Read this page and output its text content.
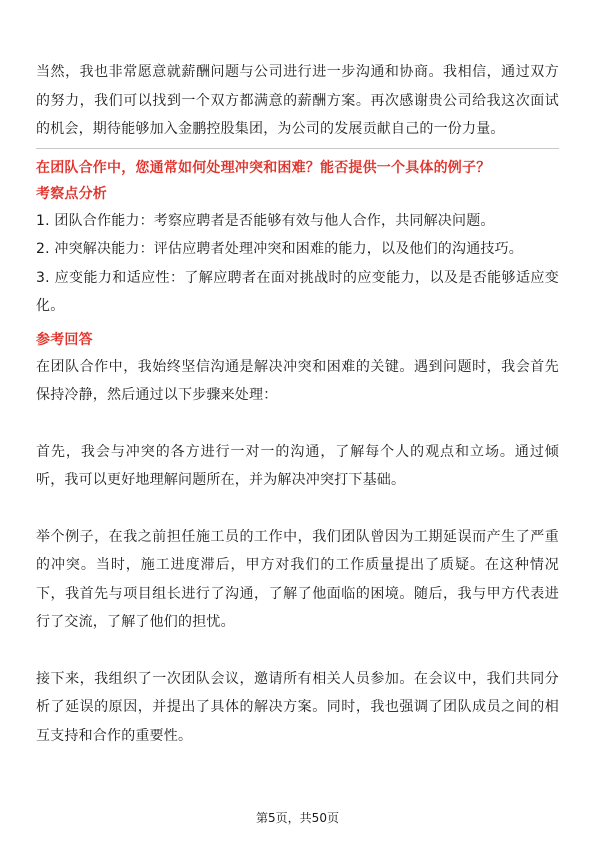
当然，我也非常愿意就薪酬问题与公司进行进一步沟通和协商。我相信，通过双方的努力，我们可以找到一个双方都满意的薪酬方案。再次感谢贵公司给我这次面试的机会，期待能够加入金鹏控股集团，为公司的发展贡献自己的一份力量。

在团队合作中，您通常如何处理冲突和困难？能否提供一个具体的例子？
考察点分析
1. 团队合作能力：考察应聘者是否能够有效与他人合作，共同解决问题。
2. 冲突解决能力：评估应聘者处理冲突和困难的能力，以及他们的沟通技巧。
3. 应变能力和适应性：了解应聘者在面对挑战时的应变能力，以及是否能够适应变化。
参考回答

在团队合作中，我始终坚信沟通是解决冲突和困难的关键。遇到问题时，我会首先保持冷静，然后通过以下步骤来处理：

首先，我会与冲突的各方进行一对一的沟通，了解每个人的观点和立场。通过倾听，我可以更好地理解问题所在，并为解决冲突打下基础。

举个例子，在我之前担任施工员的工作中，我们团队曾因为工期延误而产生了严重的冲突。当时，施工进度滞后，甲方对我们的工作质量提出了质疑。在这种情况下，我首先与项目组长进行了沟通，了解了他面临的困境。随后，我与甲方代表进行了交流，了解了他们的担忧。

接下来，我组织了一次团队会议，邀请所有相关人员参加。在会议中，我们共同分析了延误的原因，并提出了具体的解决方案。同时，我也强调了团队成员之间的相互支持和合作的重要性。

第5页，共50页
